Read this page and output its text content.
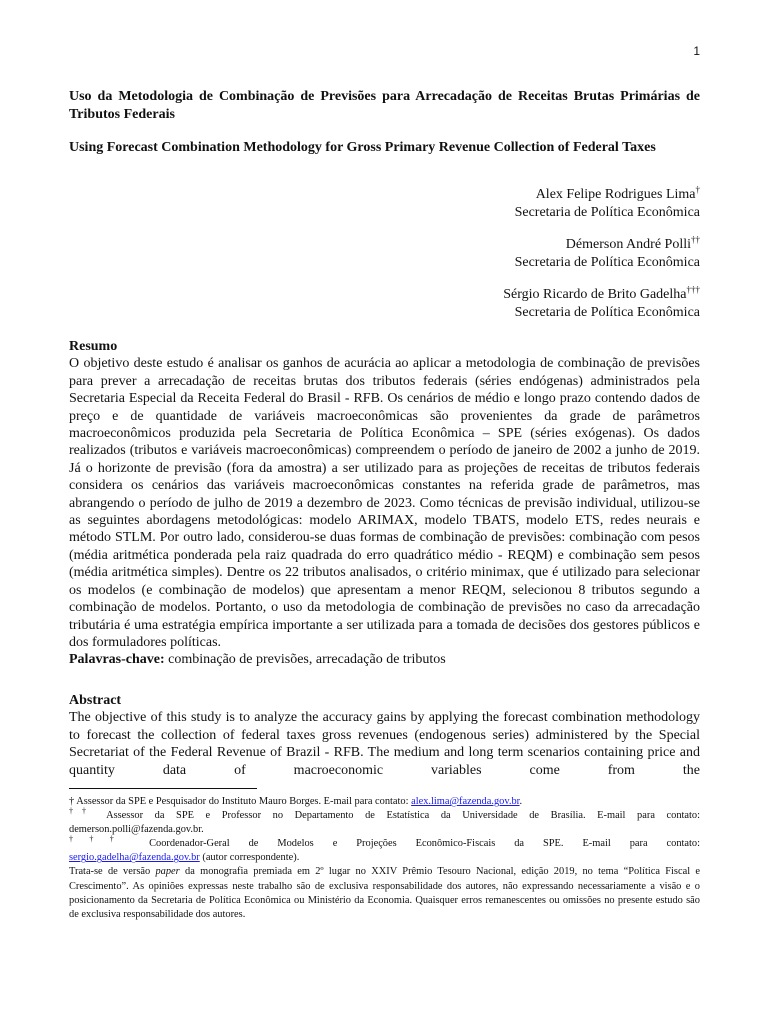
1

Uso da Metodologia de Combinação de Previsões para Arrecadação de Receitas Brutas Primárias de Tributos Federais

Using Forecast Combination Methodology for Gross Primary Revenue Collection of Federal Taxes

Alex Felipe Rodrigues Lima†
Secretaria de Política Econômica
Démerson André Polli††
Secretaria de Política Econômica
Sérgio Ricardo de Brito Gadelha†††
Secretaria de Política Econômica
Resumo

O objetivo deste estudo é analisar os ganhos de acurácia ao aplicar a metodologia de combinação de previsões para prever a arrecadação de receitas brutas dos tributos federais (séries endógenas) administrados pela Secretaria Especial da Receita Federal do Brasil - RFB. Os cenários de médio e longo prazo contendo dados de preço e de quantidade de variáveis macroeconômicas são provenientes da grade de parâmetros macroeconômicos produzida pela Secretaria de Política Econômica – SPE (séries exógenas). Os dados realizados (tributos e variáveis macroeconômicas) compreendem o período de janeiro de 2002 a junho de 2019. Já o horizonte de previsão (fora da amostra) a ser utilizado para as projeções de receitas de tributos federais considera os cenários das variáveis macroeconômicas constantes na referida grade de parâmetros, mas abrangendo o período de julho de 2019 a dezembro de 2023. Como técnicas de previsão individual, utilizou-se as seguintes abordagens metodológicas: modelo ARIMAX, modelo TBATS, modelo ETS, redes neurais e método STLM. Por outro lado, considerou-se duas formas de combinação de previsões: combinação com pesos (média aritmética ponderada pela raiz quadrada do erro quadrático médio - REQM) e combinação sem pesos (média aritmética simples). Dentre os 22 tributos analisados, o critério minimax, que é utilizado para selecionar os modelos (e combinação de modelos) que apresentam a menor REQM, selecionou 8 tributos segundo a combinação de modelos. Portanto, o uso da metodologia de combinação de previsões no caso da arrecadação tributária é uma estratégia empírica importante a ser utilizada para a tomada de decisões dos gestores públicos e dos formuladores políticas.

Palavras-chave: combinação de previsões, arrecadação de tributos
Abstract

The objective of this study is to analyze the accuracy gains by applying the forecast combination methodology to forecast the collection of federal taxes gross revenues (endogenous series) administered by the Special Secretariat of the Federal Revenue of Brazil - RFB. The medium and long term scenarios containing price and quantity data of macroeconomic variables come from the

† Assessor da SPE e Pesquisador do Instituto Mauro Borges. E-mail para contato: alex.lima@fazenda.gov.br.

†† Assessor da SPE e Professor no Departamento de Estatística da Universidade de Brasília. E-mail para contato:

demerson.polli@fazenda.gov.br.

††† Coordenador-Geral de Modelos e Projeções Econômico-Fiscais da SPE. E-mail para contato:

sergio.gadelha@fazenda.gov.br (autor correspondente).

Trata-se de versão paper da monografia premiada em 2º lugar no XXIV Prêmio Tesouro Nacional, edição 2019, no tema “Política Fiscal e Crescimento”. As opiniões expressas neste trabalho são de exclusiva responsabilidade dos autores, não expressando necessariamente a visão e o posicionamento da Secretaria de Política Econômica ou Ministério da Economia. Quaisquer erros remanescentes ou omissões no presente estudo são de exclusiva responsabilidade dos autores.
